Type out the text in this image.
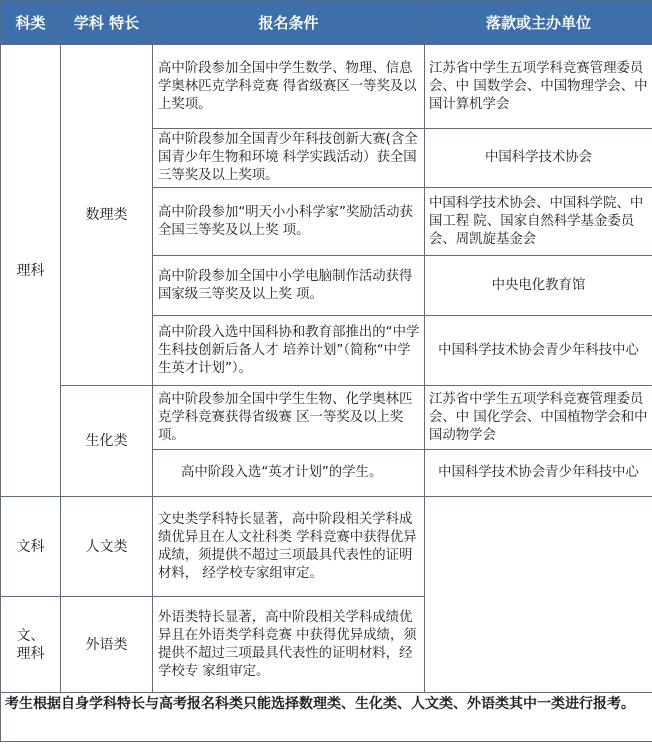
科类	学科 特长	报名条件	落款或主办单位
理科	数理类	高中阶段参加全国中学生数学、物理、信息学奥林匹克学科竞赛 得省级赛区一等奖及以上奖项。	江苏省中学生五项学科竞赛管理委员会、中 国数学会、中国物理学会、中国计算机学会
		高中阶段参加全国青少年科技创新大赛(含全国青少年生物和环境 科学实践活动）获全国三等奖及以上奖项。	中国科学技术协会
		高中阶段参加“明天小小科学家”奖励活动获全国三等奖及以上奖 项。	中国科学技术协会、中国科学院、中国工程 院、国家自然科学基金委员会、周凯旋基金会
		高中阶段参加全国中小学电脑制作活动获得国家级三等奖及以上奖 项。	中央电化教育馆
		高中阶段入选中国科协和教育部推出的“中学生科技创新后备人才 培养计划”（简称“中学生英才计划”）。	中国科学技术协会青少年科技中心
	生化类	高中阶段参加全国中学生生物、化学奥林匹克学科竞赛获得省级赛 区一等奖及以上奖项。	江苏省中学生五项学科竞赛管理委员会、中 国化学会、中国植物学会和中国动物学会
		高中阶段入选“英才计划”的学生。	中国科学技术协会青少年科技中心
文科	人文类	文史类学科特长显著，高中阶段相关学科成绩优异且在人文社科类 学科竞赛中获得优异成绩，须提供不超过三项最具代表性的证明材料， 经学校专家组审定。	
文、
理科	外语类	外语类特长显著，高中阶段相关学科成绩优异且在外语类学科竞赛 中获得优异成绩，须提供不超过三项最具代表性的证明材料，经学校专 家组审定。	
考生根据自身学科特长与高考报名科类只能选择数理类、生化类、人文类、外语类其中一类进行报考。			
